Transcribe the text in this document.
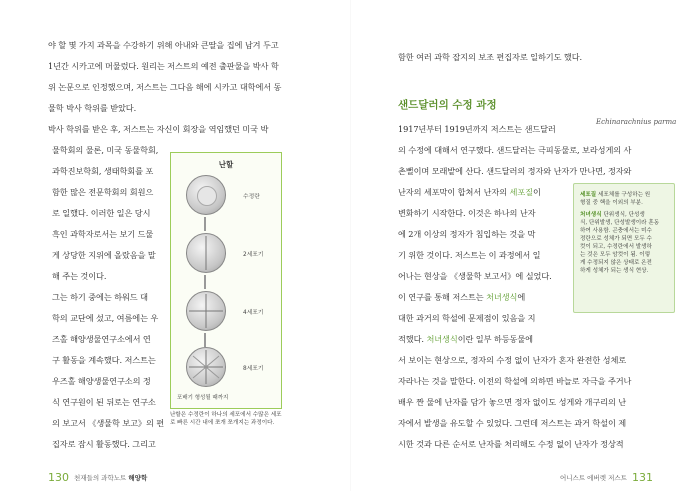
야 할 몇 가지 과목을 수강하기 위해 아내와 큰딸을 집에 남겨 두고
1년간 시카고에 머물렀다. 원리는 저스트의 예전 출판물을 박사 학
위 논문으로 인정했으며, 저스트는 그다음 해에 시카고 대학에서 동
물학 박사 학위를 받았다.
박사 학위를 받은 후, 저스트는 자신이 회장을 역임했던 미국 박
물학회의 물론, 미국 동물학회,
과학진보학회, 생태학회를 포
함한 많은 전문학회의 회원으
로 일했다. 이러한 일은 당시
흑인 과학자로서는 보기 드물
게 상당한 지위에 올랐음을 말
해 주는 것이다.
그는 하기 중에는 하워드 대
학의 교단에 섰고, 여름에는 우
즈홀 해양생물연구소에서 연
구 활동을 계속했다. 저스트는
우즈홀 해양생물연구소의 정
식 연구원이 된 뒤로는 연구소
의 보고서 《생물학 보고》의 편
집자로 잠시 활동했다. 그리고
난할
수정란
2세포기
4세포기
8세포기
포배기 형성될 때까지
난할은 수정란이 하나의 세포에서 수많은 세포로 빠른 시간 내에 쪼개 쪼개지는 과정이다.
130 천재들의 과학노트 해양학
함한 여러 과학 잡지의 보조 편집자로 일하기도 했다.
샌드달러의 수정 과정
Echinarachnius parma
1917년부터 1919년까지 저스트는 샌드달러
의 수정에 대해서 연구했다. 샌드달러는 극피동물로, 보라성게의 사
촌뻘이며 모래밭에 산다. 샌드달러의 정자와 난자가 만나면, 정자와
난자의 세포막이 합쳐서 난자의 세포질이
변화하기 시작한다. 이것은 하나의 난자
에 2개 이상의 정자가 침입하는 것을 막
기 위한 것이다. 저스트는 이 과정에서 일
어나는 현상을 《생물학 보고서》에 실었다.
이 연구를 통해 저스트는 처녀생식에
대한 과거의 학설에 문제점이 있음을 지
적했다. 처녀생식이란 일부 하등동물에
서 보이는 현상으로, 정자의 수정 없이 난자가 혼자 완전한 성체로
자라나는 것을 말한다. 이전의 학설에 의하면 바늘로 자극을 주거나
배우 짠 물에 난자를 담가 놓으면 정자 없이도 성게와 개구리의 난
자에서 발생을 유도할 수 있었다. 그런데 저스트는 과거 학설이 제
시한 것과 다른 순서로 난자를 처리해도 수정 없이 난자가 정상적
세포질 세포체를 구성하는 원
형질 중 핵을 이외의 부분.
처녀생식 단위생식, 단성생
식, 단위발생, 단성발생이라 혼동
하여 사용함. 곤충에서는 미수
정란으로 성체가 되면 모두 수
컷이 되고, 수정란에서 발생하
는 것은 모두 암컷이 됨. 이렇
게 수정되지 않은 상태로 온전
하게 성체가 되는 생식 현상.
어니스트 에버렛 저스트 131
